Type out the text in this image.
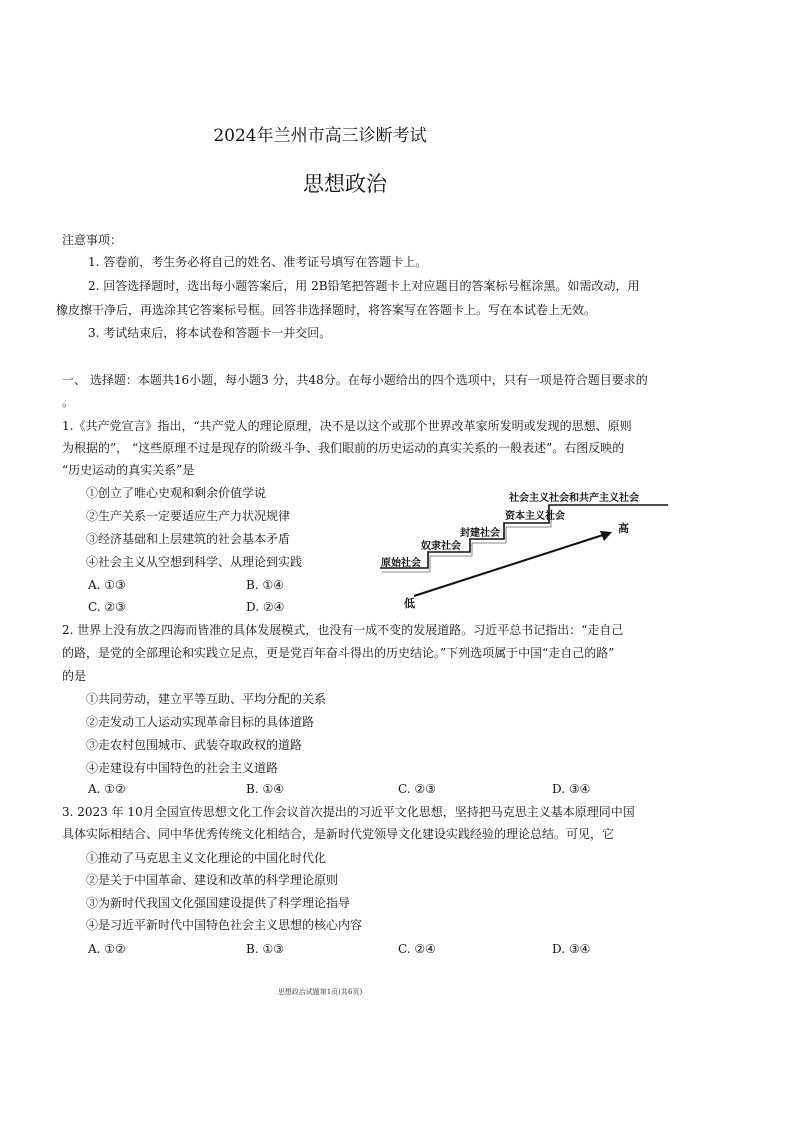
2024年兰州市高三诊断考试
思想政治
注意事项：
1. 答卷前，考生务必将自己的姓名、准考证号填写在答题卡上。
2. 回答选择题时，选出每小题答案后，用 2B铅笔把答题卡上对应题目的答案标号框涂黑。如需改动，用
橡皮擦干净后，再选涂其它答案标号框。回答非选择题时，将答案写在答题卡上。写在本试卷上无效。
3. 考试结束后，将本试卷和答题卡一并交回。
一、 选择题：本题共16小题，每小题3 分，共48分。在每小题给出的四个选项中，只有一项是符合题目要求的
。
1.《共产党宣言》指出，“共产党人的理论原理，决不是以这个或那个世界改革家所发明或发现的思想、原则
为根据的”， “这些原理不过是现存的阶级斗争、我们眼前的历史运动的真实关系的一般表述”。右图反映的
“历史运动的真实关系”是
①创立了唯心史观和剩余价值学说
②生产关系一定要适应生产力状况规律
③经济基础和上层建筑的社会基本矛盾
④社会主义从空想到科学、从理论到实践
A. ①③	B. ①④
C. ②③	D. ②④
原始社会
奴隶社会
封建社会
资本主义社会
社会主义社会和共产主义社会
高
低
2. 世界上没有放之四海而皆准的具体发展模式，也没有一成不变的发展道路。习近平总书记指出：“走自己
的路，是党的全部理论和实践立足点，更是党百年奋斗得出的历史结论。”下列选项属于中国“走自己的路”
的是
①共同劳动，建立平等互助、平均分配的关系
②走发动工人运动实现革命目标的具体道路
③走农村包围城市、武装夺取政权的道路
④走建设有中国特色的社会主义道路
A. ①②	B. ①④	C. ②③	D. ③④
3. 2023 年 10月全国宣传思想文化工作会议首次提出的习近平文化思想，坚持把马克思主义基本原理同中国
具体实际相结合、同中华优秀传统文化相结合，是新时代党领导文化建设实践经验的理论总结。可见，它
①推动了马克思主义文化理论的中国化时代化
②是关于中国革命、建设和改革的科学理论原则
③为新时代我国文化强国建设提供了科学理论指导
④是习近平新时代中国特色社会主义思想的核心内容
A. ①②	B. ①③	C. ②④	D. ③④
思想政治试题第1页(共6页)
